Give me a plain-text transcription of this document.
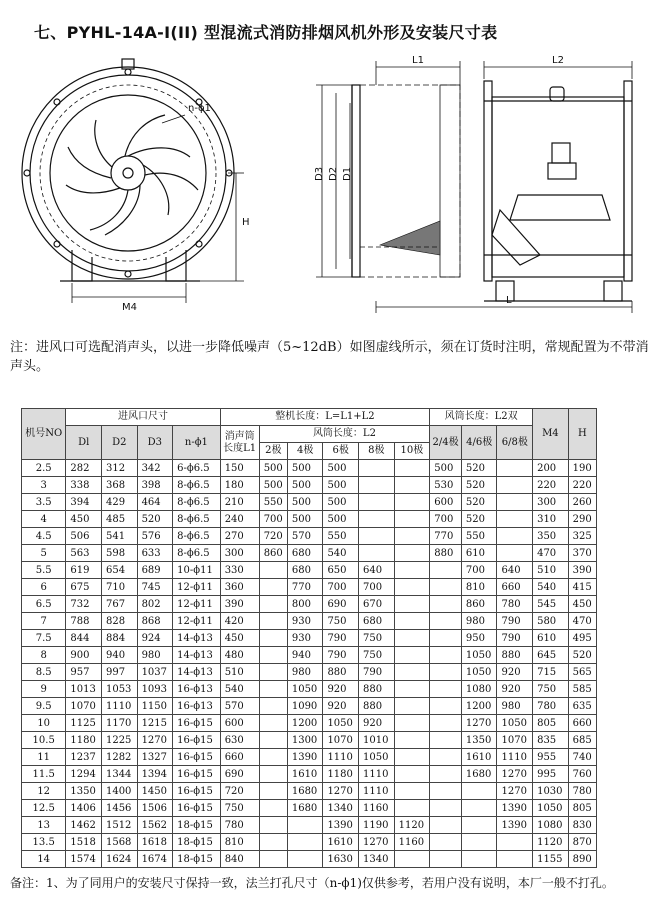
七、PYHL-14A-I(II) 型混流式消防排烟风机外形及安装尺寸表
n-ϕ1
H
M4
L1
D3 D2 D1
L2
L
注：进风口可选配消声头，以进一步降低噪声（5~12dB）如图虚线所示，须在订货时注明，常规配置为不带消声头。
机号NO	进风口尺寸				整机长度：L=L1+L2						风筒长度：L2双			M4	H
	Dl	D2	D3	n-ϕ1	消声筒长度L1	风筒长度：L2					2/4极	4/6极	6/8极		
						2极	4极	6极	8极	10极					
2.5	282	312	342	6-ϕ6.5	150	500	500	500			500	520		200	190
3	338	368	398	8-ϕ6.5	180	500	500	500			530	520		220	220
3.5	394	429	464	8-ϕ6.5	210	550	500	500			600	520		300	260
4	450	485	520	8-ϕ6.5	240	700	500	500			700	520		310	290
4.5	506	541	576	8-ϕ6.5	270	720	570	550			770	550		350	325
5	563	598	633	8-ϕ6.5	300	860	680	540			880	610		470	370
5.5	619	654	689	10-ϕ11	330		680	650	640			700	640	510	390
6	675	710	745	12-ϕ11	360		770	700	700			810	660	540	415
6.5	732	767	802	12-ϕ11	390		800	690	670			860	780	545	450
7	788	828	868	12-ϕ11	420		930	750	680			980	790	580	470
7.5	844	884	924	14-ϕ13	450		930	790	750			950	790	610	495
8	900	940	980	14-ϕ13	480		940	790	750			1050	880	645	520
8.5	957	997	1037	14-ϕ13	510		980	880	790			1050	920	715	565
9	1013	1053	1093	16-ϕ13	540		1050	920	880			1080	920	750	585
9.5	1070	1110	1150	16-ϕ13	570		1090	920	880			1200	980	780	635
10	1125	1170	1215	16-ϕ15	600		1200	1050	920			1270	1050	805	660
10.5	1180	1225	1270	16-ϕ15	630		1300	1070	1010			1350	1070	835	685
11	1237	1282	1327	16-ϕ15	660		1390	1110	1050			1610	1110	955	740
11.5	1294	1344	1394	16-ϕ15	690		1610	1180	1110			1680	1270	995	760
12	1350	1400	1450	16-ϕ15	720		1680	1270	1110				1270	1030	780
12.5	1406	1456	1506	16-ϕ15	750		1680	1340	1160				1390	1050	805
13	1462	1512	1562	18-ϕ15	780			1390	1190	1120			1390	1080	830
13.5	1518	1568	1618	18-ϕ15	810			1610	1270	1160				1120	870
14	1574	1624	1674	18-ϕ15	840			1630	1340					1155	890
备注：1、为了同用户的安装尺寸保持一致，法兰打孔尺寸（n-ϕ1)仅供参考，若用户没有说明，本厂一般不打孔。
